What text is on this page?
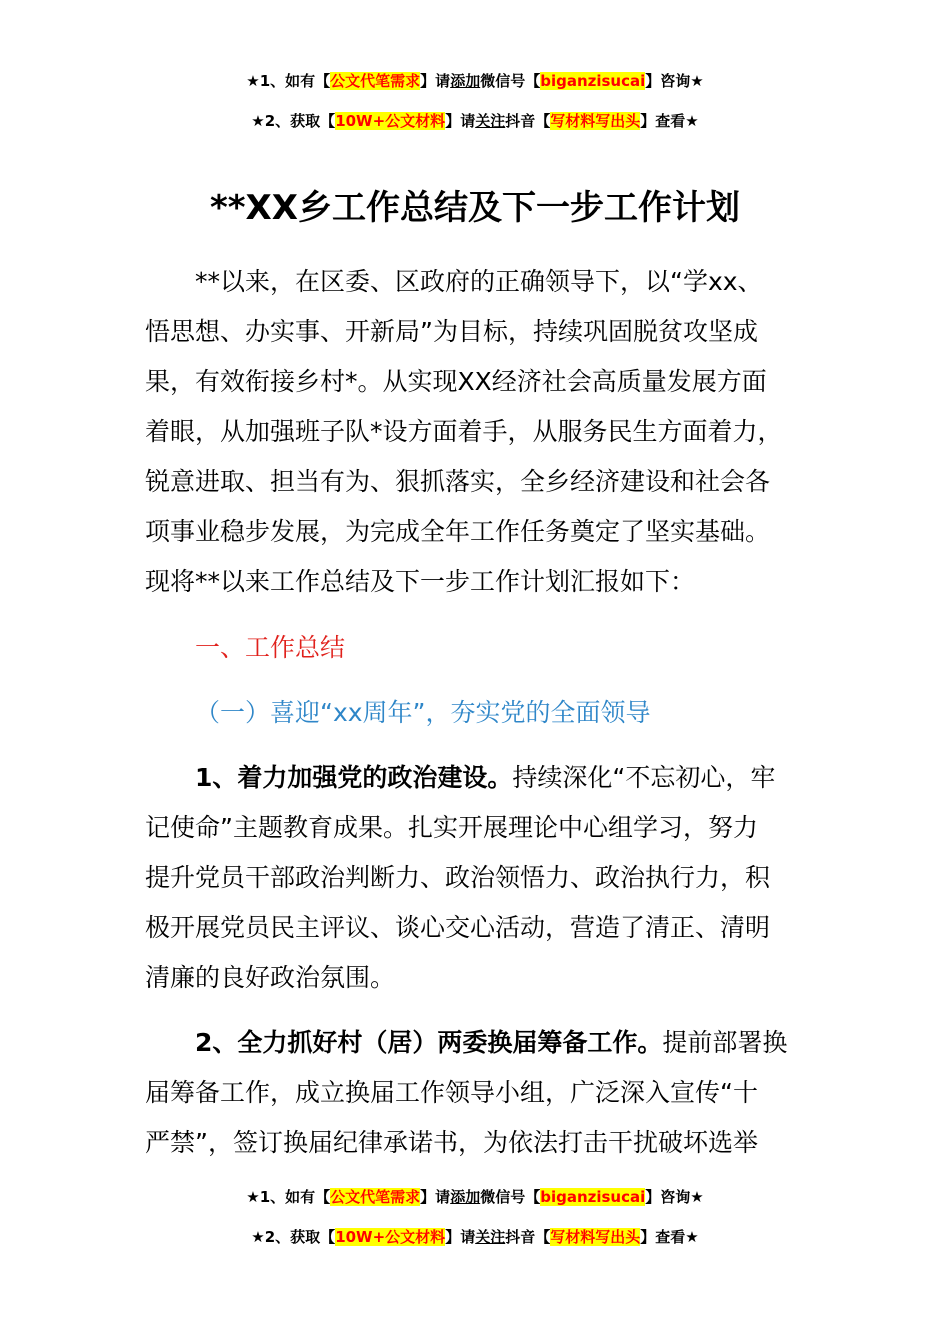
★1、如有【公文代笔需求】请添加微信号【biganzisucai】咨询★
★2、获取【10W+公文材料】请关注抖音【写材料写出头】查看★
**XX乡工作总结及下一步工作计划
**以来，在区委、区政府的正确领导下，以“学xx、
悟思想、办实事、开新局”为目标，持续巩固脱贫攻坚成
果，有效衔接乡村*。从实现XX经济社会高质量发展方面
着眼，从加强班子队*设方面着手，从服务民生方面着力，
锐意进取、担当有为、狠抓落实，全乡经济建设和社会各
项事业稳步发展，为完成全年工作任务奠定了坚实基础。
现将**以来工作总结及下一步工作计划汇报如下：
一、工作总结
（一）喜迎“xx周年”，夯实党的全面领导
1、着力加强党的政治建设。持续深化“不忘初心，牢
记使命”主题教育成果。扎实开展理论中心组学习，努力
提升党员干部政治判断力、政治领悟力、政治执行力，积
极开展党员民主评议、谈心交心活动，营造了清正、清明
清廉的良好政治氛围。
2、全力抓好村（居）两委换届筹备工作。提前部署换
届筹备工作，成立换届工作领导小组，广泛深入宣传“十
严禁”，签订换届纪律承诺书，为依法打击干扰破坏选举
★1、如有【公文代笔需求】请添加微信号【biganzisucai】咨询★
★2、获取【10W+公文材料】请关注抖音【写材料写出头】查看★
